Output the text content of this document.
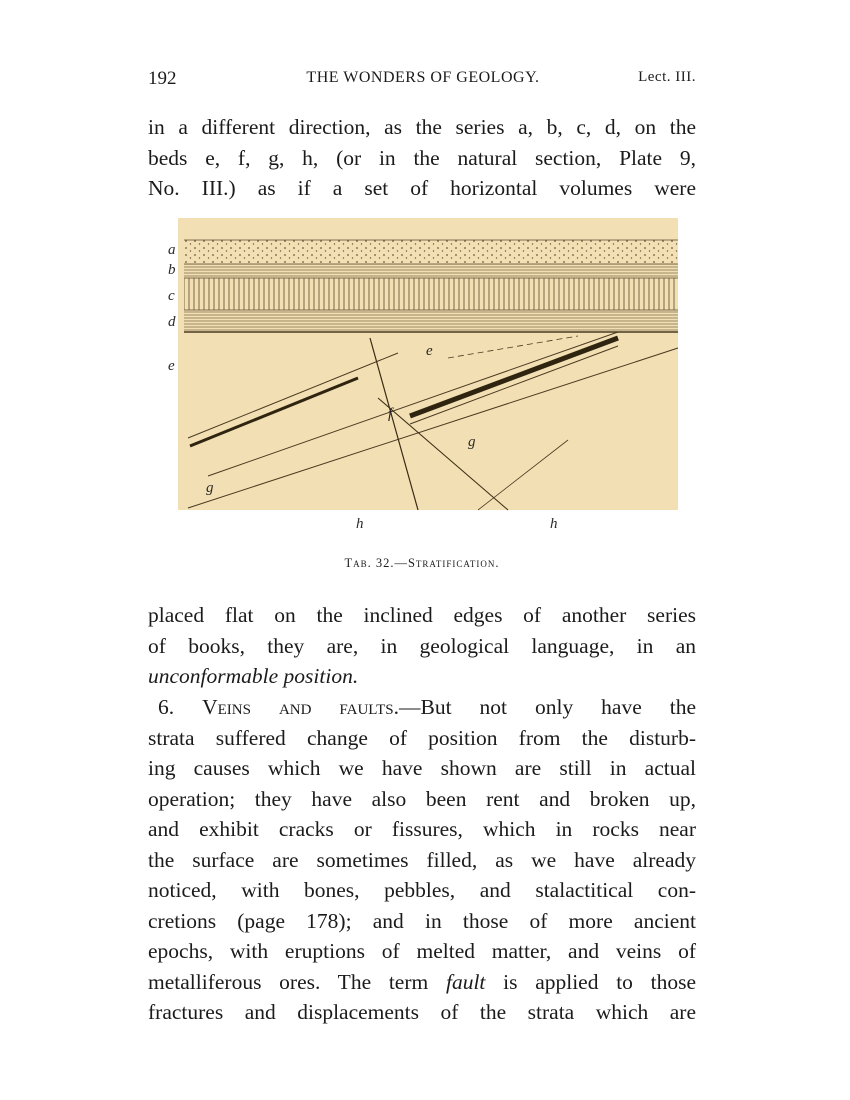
192	THE WONDERS OF GEOLOGY.	Lect. III.
in a different direction, as the series a, b, c, d, on the
beds e, f, g, h, (or in the natural section, Plate 9,
No. III.) as if a set of horizontal volumes were
a
b
c
d
e
e
f
g
g
h	h
Tab. 32.—Stratification.
placed flat on the inclined edges of another series
of books, they are, in geological language, in an
unconformable position.
6. Veins and faults.—But not only have the
strata suffered change of position from the disturb-
ing causes which we have shown are still in actual
operation; they have also been rent and broken up,
and exhibit cracks or fissures, which in rocks near
the surface are sometimes filled, as we have already
noticed, with bones, pebbles, and stalactitical con-
cretions (page 178); and in those of more ancient
epochs, with eruptions of melted matter, and veins of
metalliferous ores. The term fault is applied to those
fractures and displacements of the strata which are
